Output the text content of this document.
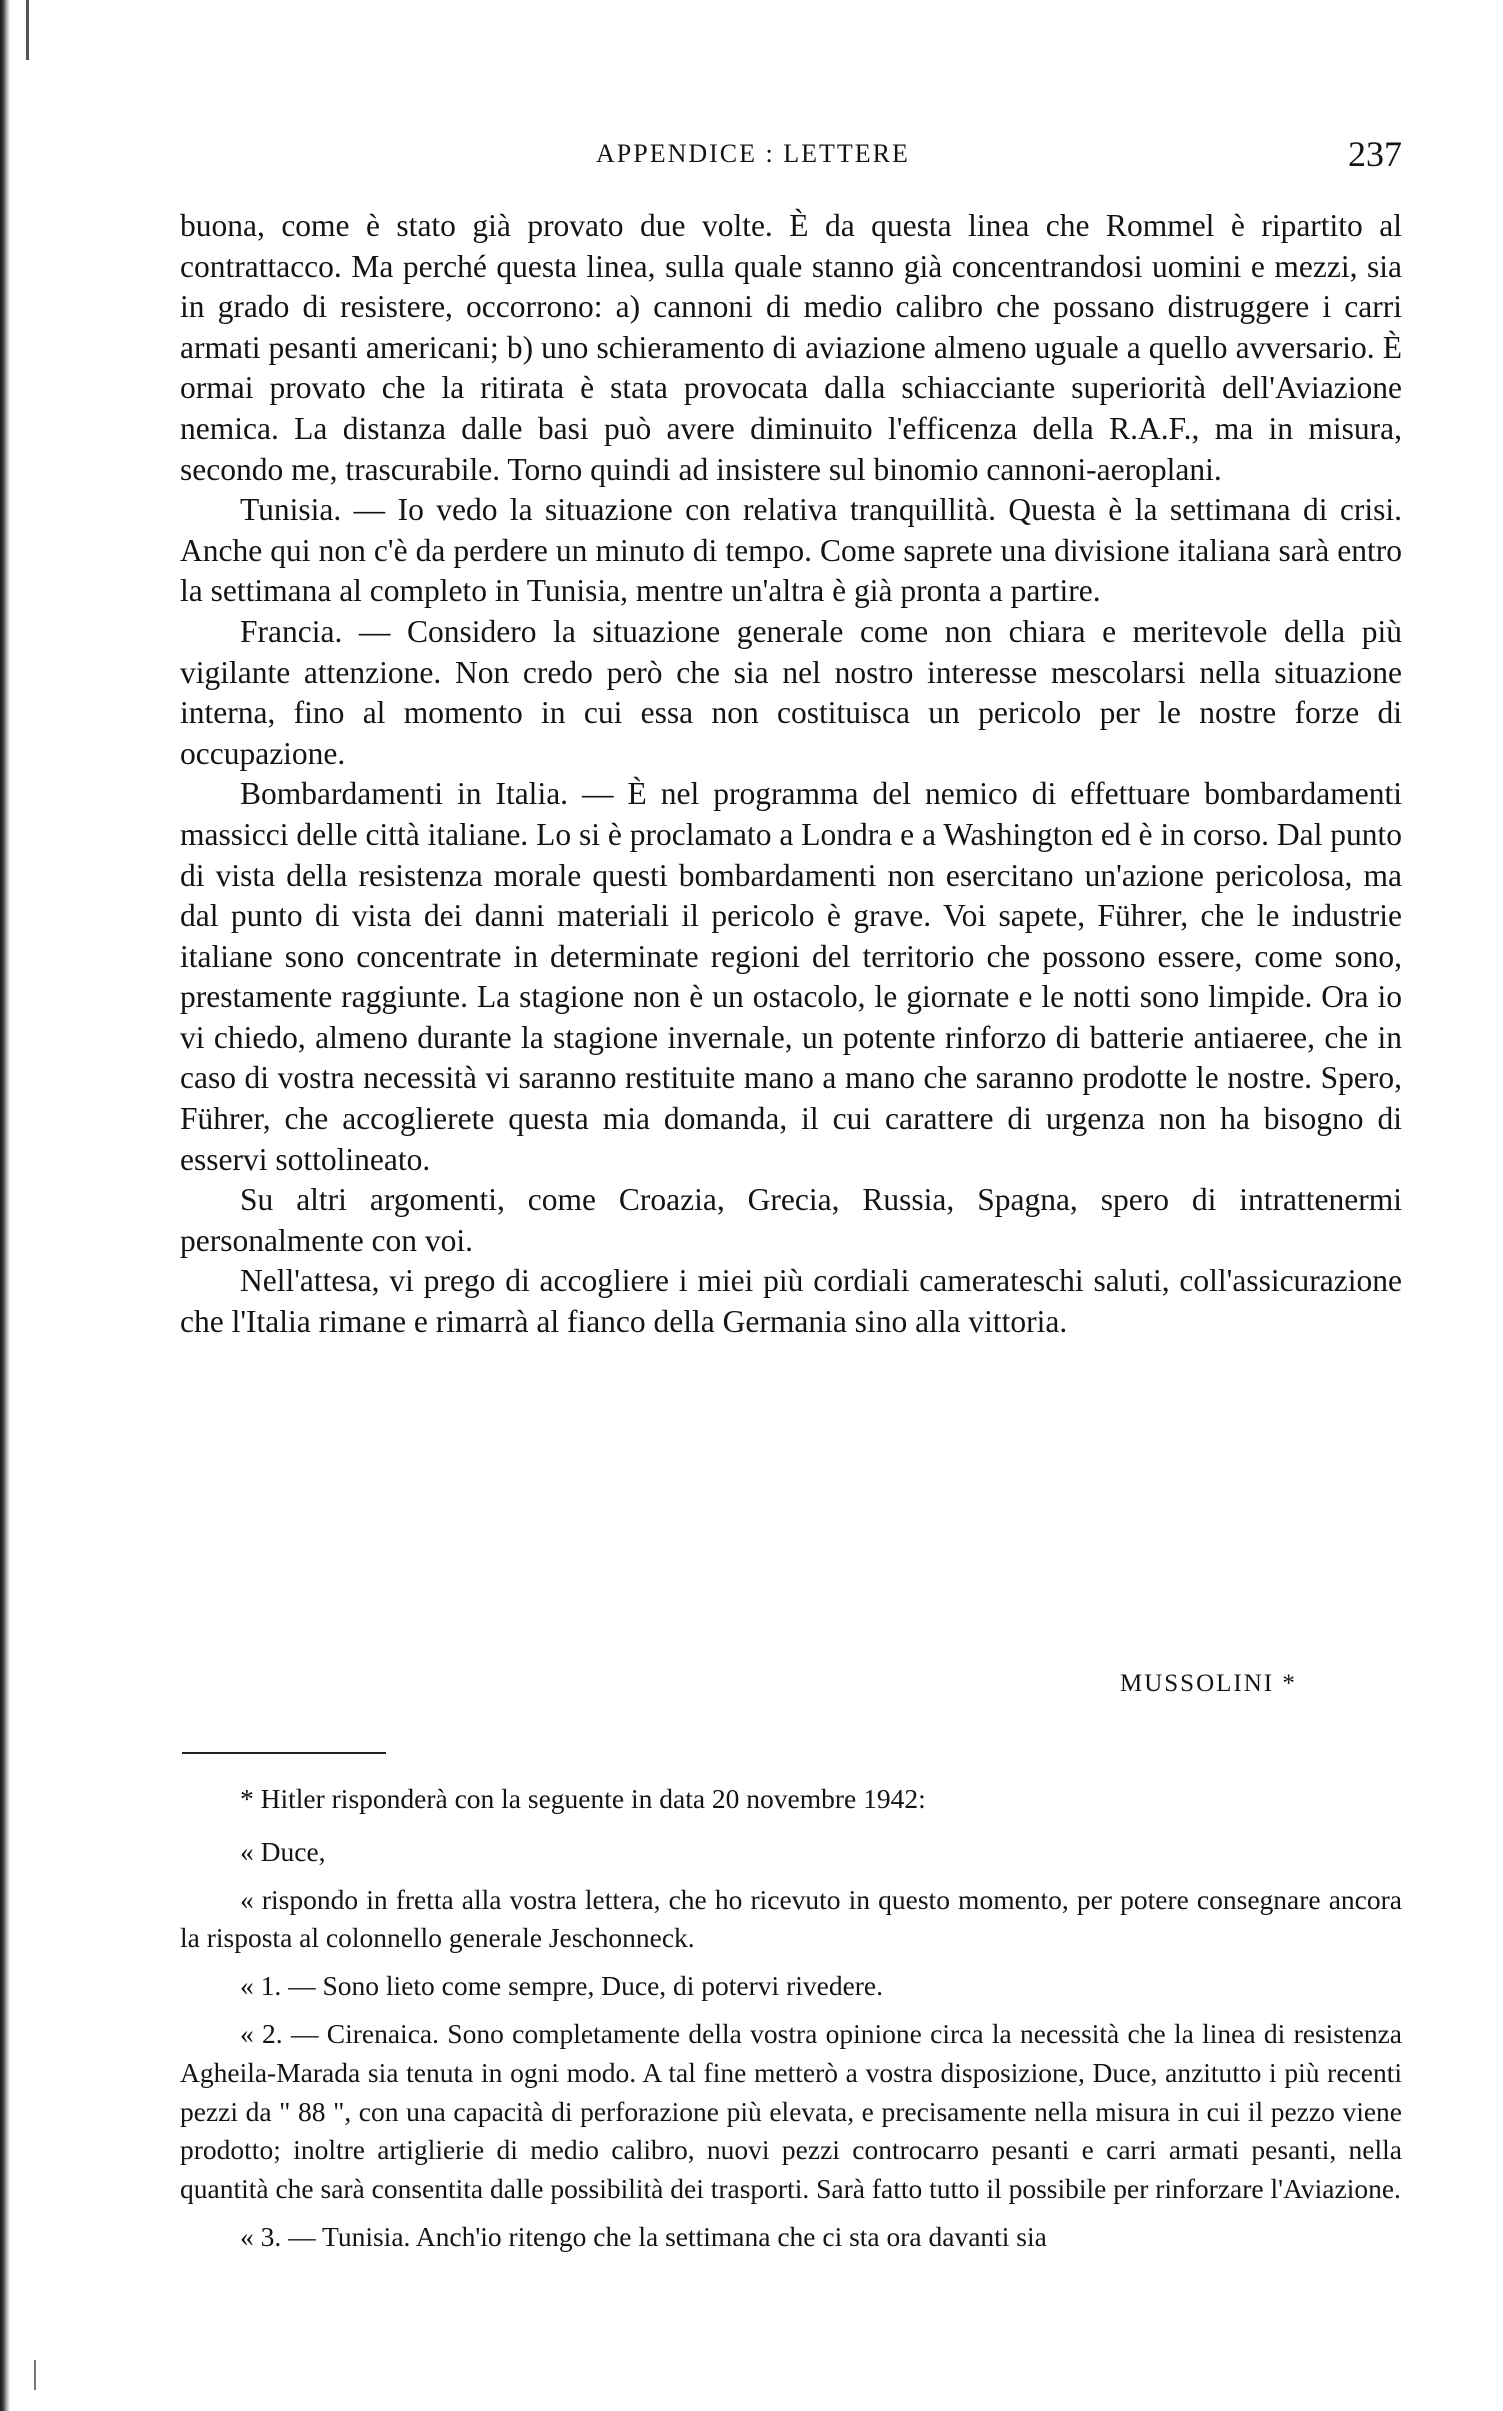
APPENDICE : LETTERE	237

buona, come è stato già provato due volte. È da questa linea che Rommel è ripartito al contrattacco. Ma perché questa linea, sulla quale stanno già concentrandosi uomini e mezzi, sia in grado di resistere, occorrono: a) cannoni di medio calibro che possano distruggere i carri armati pesanti americani; b) uno schieramento di aviazione almeno uguale a quello avversario. È ormai provato che la ritirata è stata provocata dalla schiacciante superiorità dell'Aviazione nemica. La distanza dalle basi può avere diminuito l'efficenza della R.A.F., ma in misura, secondo me, trascurabile. Torno quindi ad insistere sul binomio cannoni-aeroplani.

Tunisia. — Io vedo la situazione con relativa tranquillità. Questa è la settimana di crisi. Anche qui non c'è da perdere un minuto di tempo. Come saprete una divisione italiana sarà entro la settimana al completo in Tunisia, mentre un'altra è già pronta a partire.

Francia. — Considero la situazione generale come non chiara e meritevole della più vigilante attenzione. Non credo però che sia nel nostro interesse mescolarsi nella situazione interna, fino al momento in cui essa non costituisca un pericolo per le nostre forze di occupazione.

Bombardamenti in Italia. — È nel programma del nemico di effettuare bombardamenti massicci delle città italiane. Lo si è proclamato a Londra e a Washington ed è in corso. Dal punto di vista della resistenza morale questi bombardamenti non esercitano un'azione pericolosa, ma dal punto di vista dei danni materiali il pericolo è grave. Voi sapete, Führer, che le industrie italiane sono concentrate in determinate regioni del territorio che possono essere, come sono, prestamente raggiunte. La stagione non è un ostacolo, le giornate e le notti sono limpide. Ora io vi chiedo, almeno durante la stagione invernale, un potente rinforzo di batterie antiaeree, che in caso di vostra necessità vi saranno restituite mano a mano che saranno prodotte le nostre. Spero, Führer, che accoglierete questa mia domanda, il cui carattere di urgenza non ha bisogno di esservi sottolineato.

Su altri argomenti, come Croazia, Grecia, Russia, Spagna, spero di intrattenermi personalmente con voi.

Nell'attesa, vi prego di accogliere i miei più cordiali camerateschi saluti, coll'assicurazione che l'Italia rimane e rimarrà al fianco della Germania sino alla vittoria.

MUSSOLINI *

* Hitler risponderà con la seguente in data 20 novembre 1942:

« Duce,

« rispondo in fretta alla vostra lettera, che ho ricevuto in questo momento, per potere consegnare ancora la risposta al colonnello generale Jeschonneck.

« 1. — Sono lieto come sempre, Duce, di potervi rivedere.

« 2. — Cirenaica. Sono completamente della vostra opinione circa la necessità che la linea di resistenza Agheila-Marada sia tenuta in ogni modo. A tal fine metterò a vostra disposizione, Duce, anzitutto i più recenti pezzi da " 88 ", con una capacità di perforazione più elevata, e precisamente nella misura in cui il pezzo viene prodotto; inoltre artiglierie di medio calibro, nuovi pezzi controcarro pesanti e carri armati pesanti, nella quantità che sarà consentita dalle possibilità dei trasporti. Sarà fatto tutto il possibile per rinforzare l'Aviazione.

« 3. — Tunisia. Anch'io ritengo che la settimana che ci sta ora davanti sia
